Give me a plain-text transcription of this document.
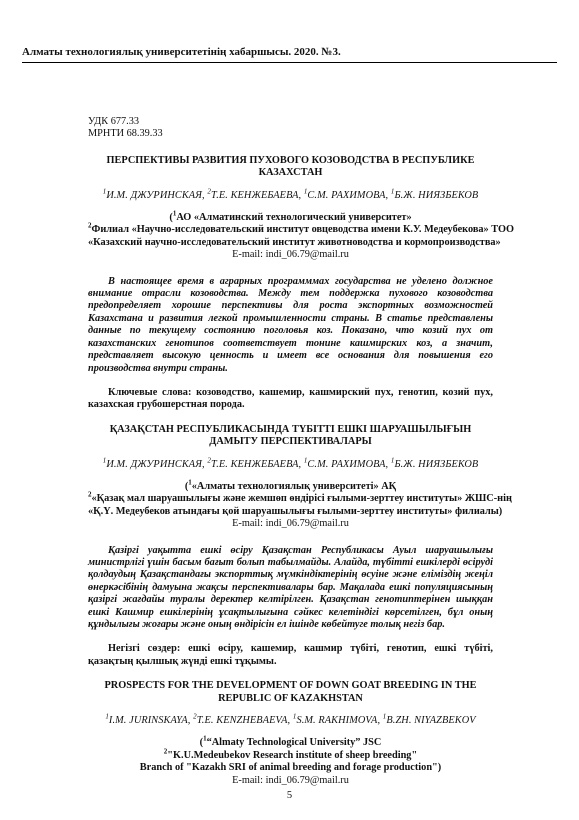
Алматы технологиялық университетінің хабаршысы. 2020. №3.
УДК 677.33
МРНТИ 68.39.33
ПЕРСПЕКТИВЫ РАЗВИТИЯ ПУХОВОГО КОЗОВОДСТВА В РЕСПУБЛИКЕ
КАЗАХСТАН
$^1$И.М. ДЖУРИНСКАЯ, $^2$Т.Е. КЕНЖЕБАЕВА, $^1$С.М. РАХИМОВА, $^1$Б.Ж. НИЯЗБЕКОВ
($^1$АО «Алматинский технологический университет»
$^2$Филиал «Научно-исследовательский институт овцеводства имени К.У. Медеубекова» ТОО
«Казахский научно-исследовательский институт животноводства и кормопроизводства»
E-mail: indi_06.79@mail.ru
В настоящее время в аграрных программмах государства не уделено должное внимание отрасли козоводства. Между тем поддержка пухового козоводства предопределяет хорошие перспективы для роста экспортных возможностей Казахстана и развития легкой промышленности страны. В статье представлены данные по текущему состоянию поголовья коз. Показано, что козий пух от казахстанских генотипов соответствует тонине кашмирских коз, а значит, представляет высокую ценность и имеет все основания для повышения его производства внутри страны.
Ключевые слова: козоводство, кашемир, кашмирский пух, генотип, козий пух, казахская грубошерстная порода.
ҚАЗАҚСТАН РЕСПУБЛИКАСЫНДА ТҮБІТТІ ЕШКІ ШАРУАШЫЛЫҒЫН
ДАМЫТУ ПЕРСПЕКТИВАЛАРЫ
$^1$И.М. ДЖУРИНСКАЯ, $^2$Т.Е. КЕНЖЕБАЕВА, $^1$С.М. РАХИМОВА, $^1$Б.Ж. НИЯЗБЕКОВ
($^1$«Алматы технологиялық университеті» АҚ
$^2$«Қазақ мал шаруашылығы және жемшөп өндірісі ғылыми-зерттеу институты» ЖШС-нің
«Қ.Ү. Медеубеков атындағы қой шаруашылығы ғылыми-зерттеу институты» филиалы)
E-mail: indi_06.79@mail.ru
Қазіргі уақытта ешкі өсіру Қазақстан Республикасы Ауыл шаруашылығы министрлігі үшін басым бағыт болып табылмайды. Алайда, түбітті ешкілерді өсіруді қолдаудың Қазақстандағы экспорттық мүмкіндіктерінің өсуіне және еліміздің жеңіл өнеркәсібінің дамуына жақсы перспективалары бар. Мақалада ешкі популяциясының қазіргі жағдайы туралы деректер келтірілген. Қазақстан генотиптерінен шыққан ешкі Кашмир ешкілерінің ұсақтылығына сәйкес келетіндігі көрсетілген, бұл оның құндылығы жоғары және оның өндірісін ел ішінде көбейтуге толық негіз бар.
Негізгі сөздер: ешкі өсіру, кашемир, кашмир түбіті, генотип, ешкі түбіті, қазақтың қылшық жүнді ешкі тұқымы.
PROSPECTS FOR THE DEVELOPMENT OF DOWN GOAT BREEDING IN THE
REPUBLIC OF KAZAKHSTAN
$^1$I.M. JURINSKAYA, $^2$T.E. KENZHEBAEVA, $^1$S.M. RAKHIMOVA, $^1$B.ZH. NIYAZBEKOV
($^1$“Almaty Technological University” JSC
$^2$"K.U.Medeubekov Research institute of sheep breeding"
Branch of "Kazakh SRI of animal breeding and forage production")
E-mail: indi_06.79@mail.ru
5
